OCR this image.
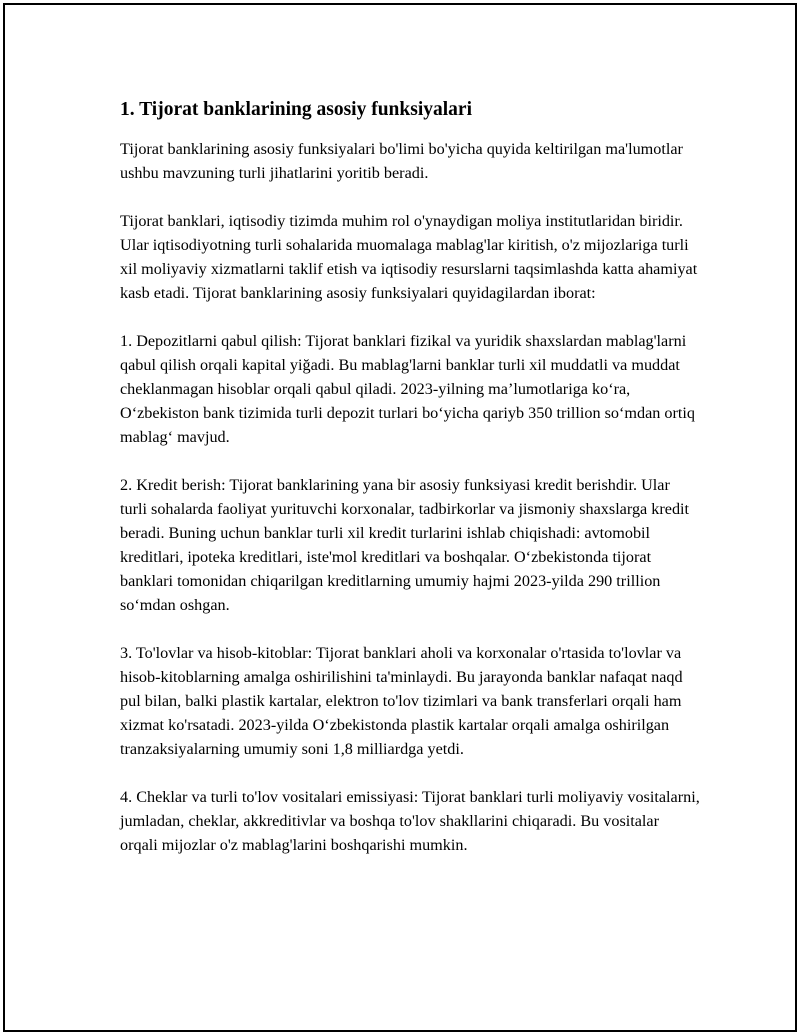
1. Tijorat banklarining asosiy funksiyalari
Tijorat banklarining asosiy funksiyalari bo'limi bo'yicha quyida keltirilgan ma'lumotlar ushbu mavzuning turli jihatlarini yoritib beradi.
Tijorat banklari, iqtisodiy tizimda muhim rol o'ynaydigan moliya institutlaridan biridir. Ular iqtisodiyotning turli sohalarida muomalaga mablag'lar kiritish, o'z mijozlariga turli xil moliyaviy xizmatlarni taklif etish va iqtisodiy resurslarni taqsimlashda katta ahamiyat kasb etadi. Tijorat banklarining asosiy funksiyalari quyidagilardan iborat:
1. Depozitlarni qabul qilish: Tijorat banklari fizikal va yuridik shaxslardan mablag'larni qabul qilish orqali kapital yiğadi. Bu mablag'larni banklar turli xil muddatli va muddat cheklanmagan hisoblar orqali qabul qiladi. 2023-yilning ma’lumotlariga ko‘ra, O‘zbekiston bank tizimida turli depozit turlari bo‘yicha qariyb 350 trillion so‘mdan ortiq mablag‘ mavjud.
2. Kredit berish: Tijorat banklarining yana bir asosiy funksiyasi kredit berishdir. Ular turli sohalarda faoliyat yurituvchi korxonalar, tadbirkorlar va jismoniy shaxslarga kredit beradi. Buning uchun banklar turli xil kredit turlarini ishlab chiqishadi: avtomobil kreditlari, ipoteka kreditlari, iste'mol kreditlari va boshqalar. O‘zbekistonda tijorat banklari tomonidan chiqarilgan kreditlarning umumiy hajmi 2023-yilda 290 trillion so‘mdan oshgan.
3. To'lovlar va hisob-kitoblar: Tijorat banklari aholi va korxonalar o'rtasida to'lovlar va hisob-kitoblarning amalga oshirilishini ta'minlaydi. Bu jarayonda banklar nafaqat naqd pul bilan, balki plastik kartalar, elektron to'lov tizimlari va bank transferlari orqali ham xizmat ko'rsatadi. 2023-yilda O‘zbekistonda plastik kartalar orqali amalga oshirilgan tranzaksiyalarning umumiy soni 1,8 milliardga yetdi.
4. Cheklar va turli to'lov vositalari emissiyasi: Tijorat banklari turli moliyaviy vositalarni, jumladan, cheklar, akkreditivlar va boshqa to'lov shakllarini chiqaradi. Bu vositalar orqali mijozlar o'z mablag'larini boshqarishi mumkin.
